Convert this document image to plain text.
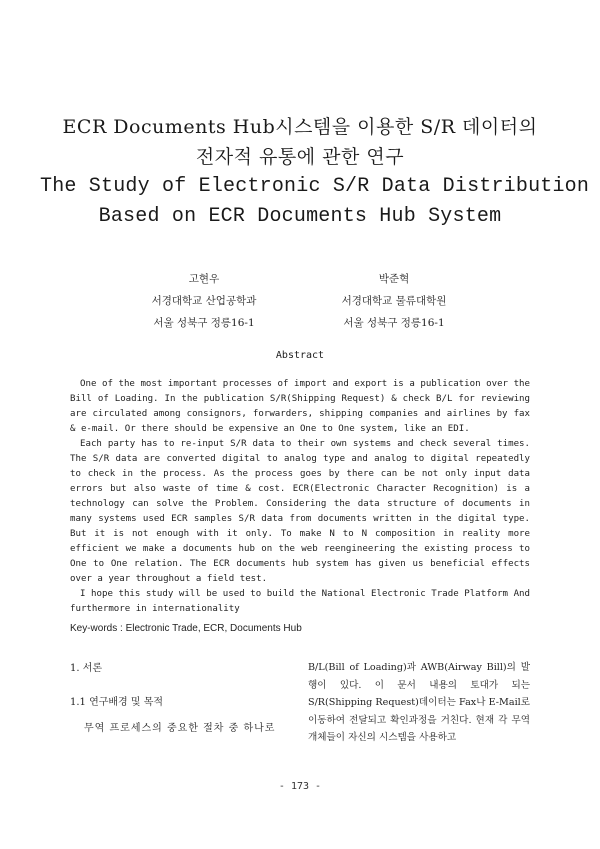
ECR Documents Hub시스템을 이용한 S/R 데이터의
전자적 유통에 관한 연구
The Study of Electronic S/R Data Distribution
Based on ECR Documents Hub System
고현우
서경대학교 산업공학과
서울 성북구 정릉16-1
박준혁
서경대학교 물류대학원
서울 성북구 정릉16-1
Abstract

One of the most important processes of import and export is a publication over the Bill of Loading. In the publication S/R(Shipping Request) & check B/L for reviewing are circulated among consignors, forwarders, shipping companies and airlines by fax & e-mail. Or there should be expensive an One to One system, like an EDI.

Each party has to re-input S/R data to their own systems and check several times. The S/R data are converted digital to analog type and analog to digital repeatedly to check in the process. As the process goes by there can be not only input data errors but also waste of time & cost. ECR(Electronic Character Recognition) is a technology can solve the Problem. Considering the data structure of documents in many systems used ECR samples S/R data from documents written in the digital type. But it is not enough with it only. To make N to N composition in reality more efficient we make a documents hub on the web reengineering the existing process to One to One relation. The ECR documents hub system has given us beneficial effects over a year throughout a field test.

I hope this study will be used to build the National Electronic Trade Platform And furthermore in internationality

Key-words : Electronic Trade, ECR, Documents Hub
1. 서론
1.1 연구배경 및 목적
무역 프로세스의 중요한 절차 중 하나로

B/L(Bill of Loading)과 AWB(Airway Bill)의 발행이 있다. 이 문서 내용의 토대가 되는 S/R(Shipping Request)데이터는 Fax나 E-Mail로 이동하여 전달되고 확인과정을 거친다. 현재 각 무역개체들이 자신의 시스템을 사용하고

- 173 -
